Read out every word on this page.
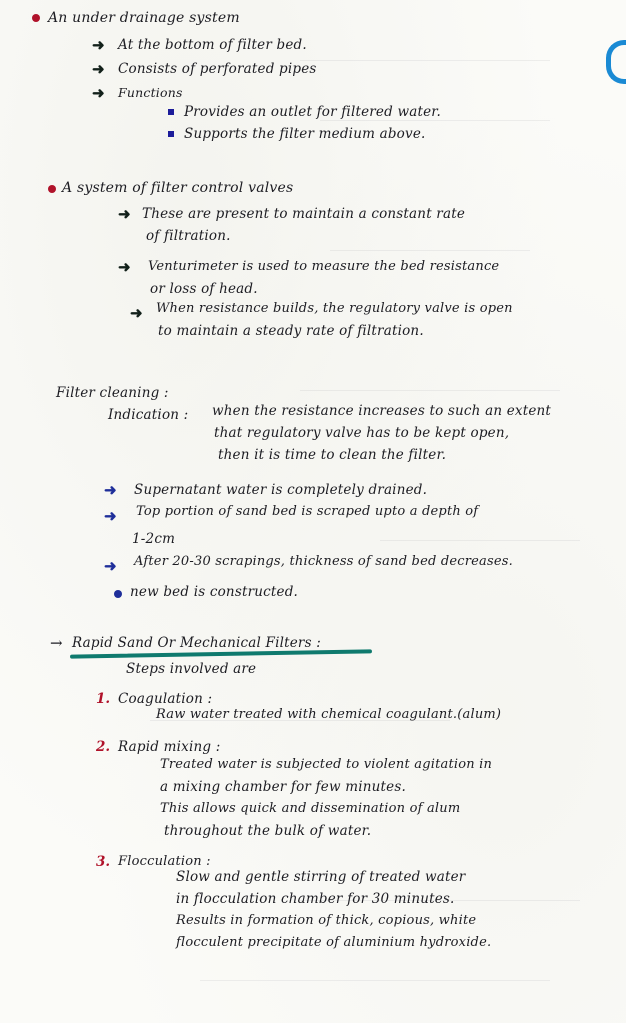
An under drainage system
➜ At the bottom of filter bed.
➜ Consists of perforated pipes
➜ Functions
Provides an outlet for filtered water.
Supports the filter medium above.
A system of filter control valves
➜ These are present to maintain a constant rate
of filtration.
➜ Venturimeter is used to measure the bed resistance
or loss of head.
➜ When resistance builds, the regulatory valve is open
to maintain a steady rate of filtration.
Filter cleaning :
Indication : when the resistance increases to such an extent
that regulatory valve has to be kept open,
then it is time to clean the filter.
➜ Supernatant water is completely drained.
➜ Top portion of sand bed is scraped upto a depth of
1-2cm
➜ After 20-30 scrapings, thickness of sand bed decreases.
new bed is constructed.
→ Rapid Sand Or Mechanical Filters :
Steps involved are
1. Coagulation :
Raw water treated with chemical coagulant.(alum)
2. Rapid mixing :
Treated water is subjected to violent agitation in
a mixing chamber for few minutes.
This allows quick and dissemination of alum
throughout the bulk of water.
3. Flocculation :
Slow and gentle stirring of treated water
in flocculation chamber for 30 minutes.
Results in formation of thick, copious, white
flocculent precipitate of aluminium hydroxide.
